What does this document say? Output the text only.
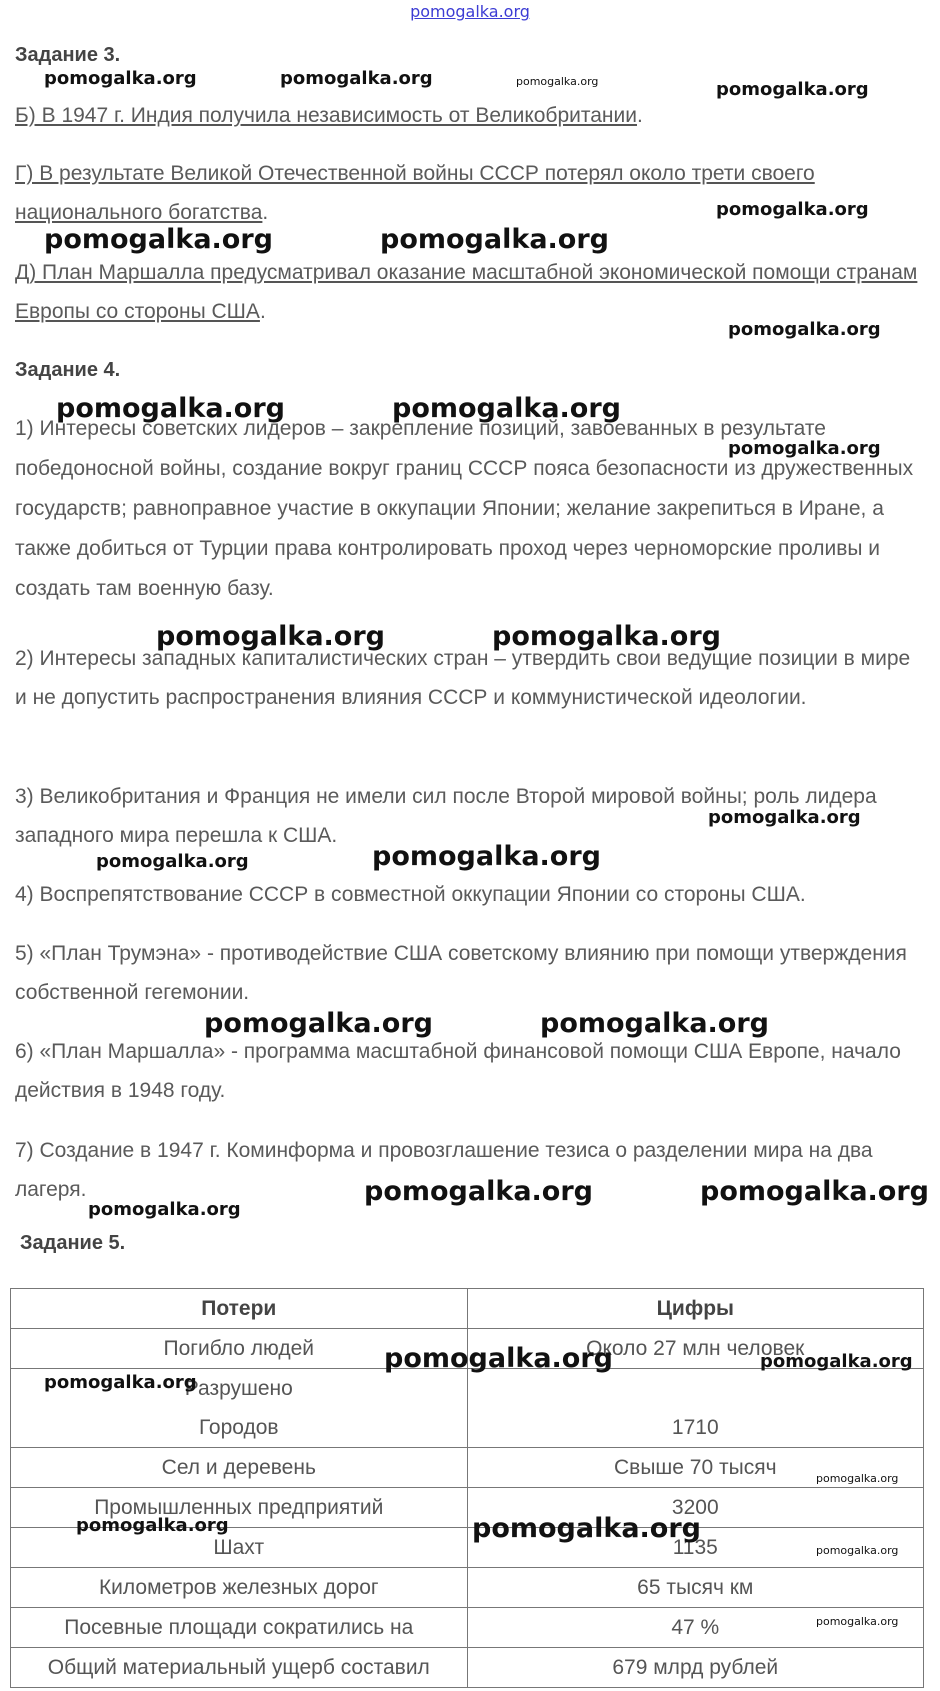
pomogalka.org
Задание 3.

Б) В 1947 г. Индия получила независимость от Великобритании.

Г) В результате Великой Отечественной войны СССР потерял около трети своего национального богатства.

Д) План Маршалла предусматривал оказание масштабной экономической помощи странам Европы со стороны США.

Задание 4.

1) Интересы советских лидеров – закрепление позиций, завоеванных в результате победоносной войны, создание вокруг границ СССР пояса безопасности из дружественных государств; равноправное участие в оккупации Японии; желание закрепиться в Иране, а также добиться от Турции права контролировать проход через черноморские проливы и создать там военную базу.

2) Интересы западных капиталистических стран – утвердить свои ведущие позиции в мире и не допустить распространения влияния СССР и коммунистической идеологии.

3) Великобритания и Франция не имели сил после Второй мировой войны; роль лидера западного мира перешла к США.

4) Воспрепятствование СССР в совместной оккупации Японии со стороны США.

5) «План Трумэна» - противодействие США советскому влиянию при помощи утверждения собственной гегемонии.

6) «План Маршалла» - программа масштабной финансовой помощи США Европе, начало действия в 1948 году.

7) Создание в 1947 г. Коминформа и провозглашение тезиса о разделении мира на два лагеря.

Задание 5.
Потери	Цифры
Погибло людей	Около 27 млн человек

Разрушено
Городов	1710

Сел и деревень	Свыше 70 тысяч
Промышленных предприятий	3200
Шахт	1135
Километров железных дорог	65 тысяч км
Посевные площади сократились на	47 %
Общий материальный ущерб составил	679 млрд рублей
pomogalka.org	pomogalka.org	pomogalka.org	pomogalka.org
pomogalka.org
pomogalka.org	pomogalka.org
pomogalka.org
pomogalka.org	pomogalka.org
pomogalka.org
pomogalka.org	pomogalka.org
pomogalka.org
pomogalka.org	pomogalka.org
pomogalka.org	pomogalka.org
pomogalka.org	pomogalka.org
pomogalka.org
pomogalka.org	pomogalka.org
pomogalka.org
pomogalka.org
pomogalka.org	pomogalka.org
pomogalka.org
pomogalka.org
